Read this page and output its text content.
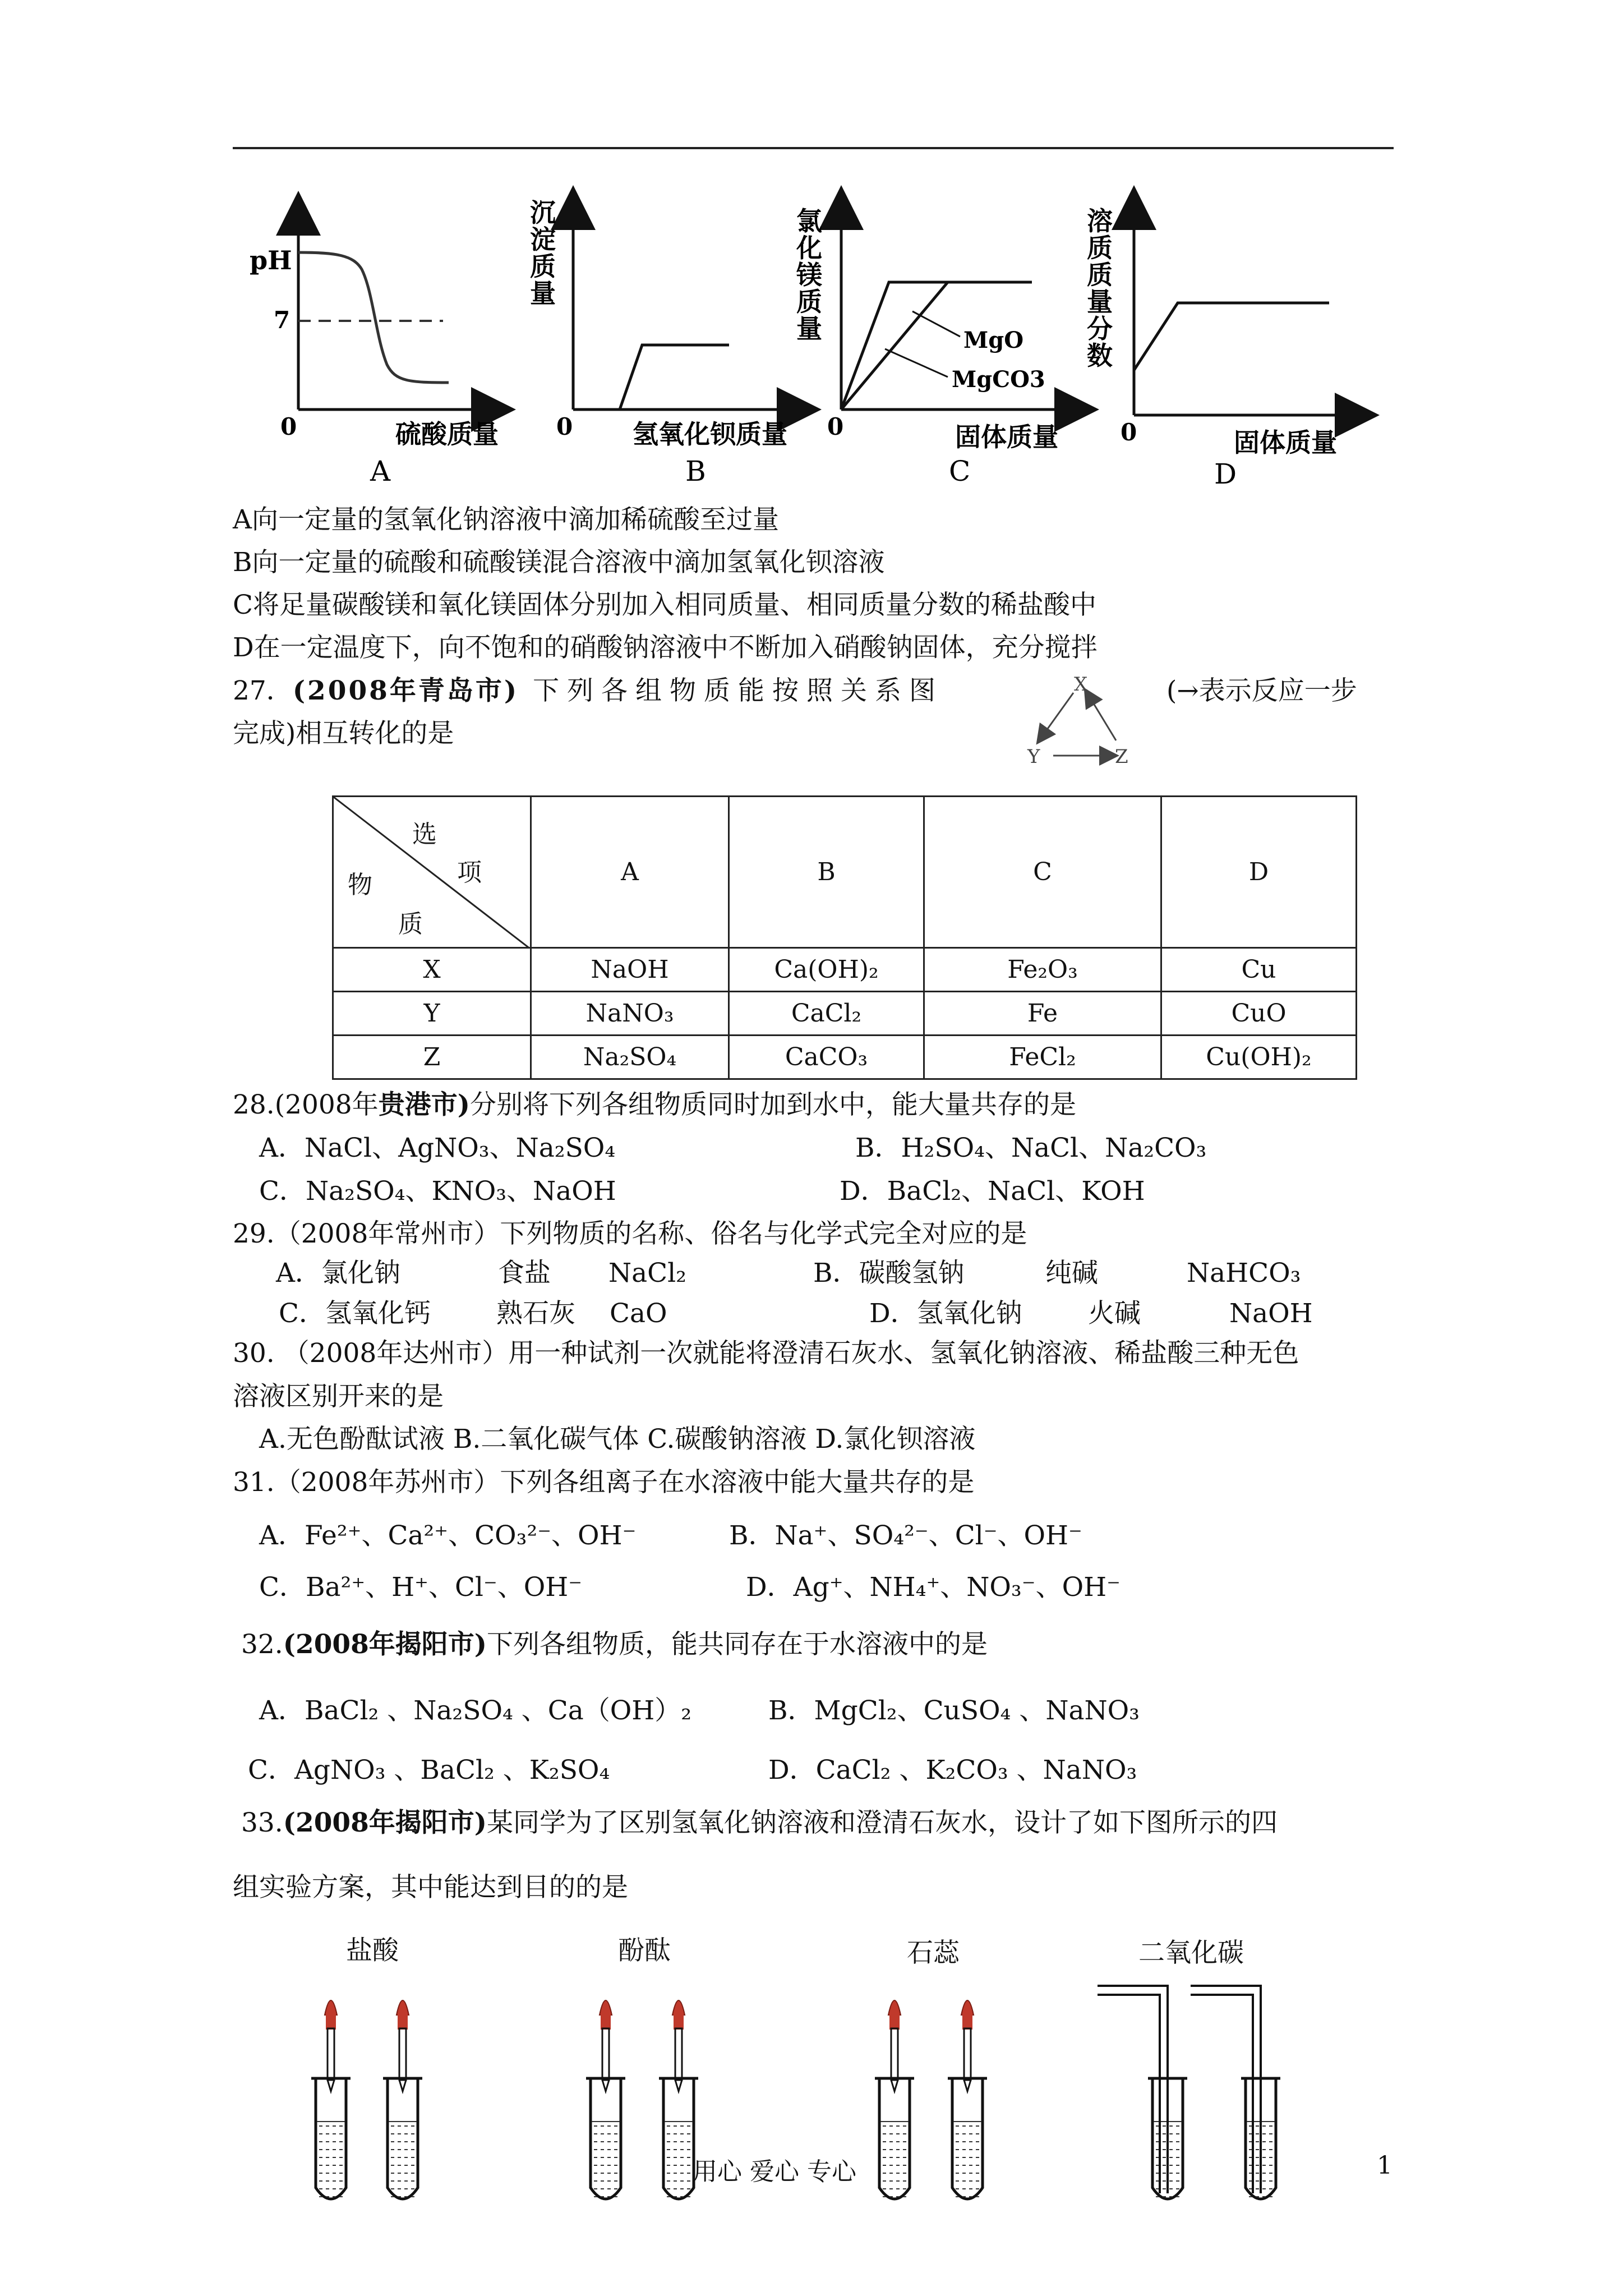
pH
7
0	硫酸质量
A
沉淀质量
0 氢氧化钡质量
B
氯化镁质量	MgO
MgCO3
0	固体质量
C
溶质质量分数
0	固体质量
D
A向一定量的氢氧化钠溶液中滴加稀硫酸至过量
B向一定量的硫酸和硫酸镁混合溶液中滴加氢氧化钡溶液
C将足量碳酸镁和氧化镁固体分别加入相同质量、相同质量分数的稀盐酸中
D在一定温度下，向不饱和的硝酸钠溶液中不断加入硝酸钠固体，充分搅拌
27．(2008年青岛市) 下列各组物质能按照关系图	(→表示反应一步
完成)相互转化的是
X
Y	Z
选
项
物
质	A	B	C	D
X	NaOH	Ca(OH)₂	Fe₂O₃	Cu
Y	NaNO₃	CaCl₂	Fe	CuO
Z	Na₂SO₄	CaCO₃	FeCl₂	Cu(OH)₂
28.(2008年贵港市)分别将下列各组物质同时加到水中，能大量共存的是
A．NaCl、AgNO₃、Na₂SO₄	B．H₂SO₄、NaCl、Na₂CO₃
C．Na₂SO₄、KNO₃、NaOH	D．BaCl₂、NaCl、KOH
29.（2008年常州市）下列物质的名称、俗名与化学式完全对应的是
A．氯化钠	食盐 NaCl₂	B．碳酸氢钠	纯碱	NaHCO₃
C．氢氧化钙 熟石灰 CaO	D．氢氧化钠 火碱	NaOH
30. （2008年达州市）用一种试剂一次就能将澄清石灰水、氢氧化钠溶液、稀盐酸三种无色
溶液区别开来的是
A.无色酚酞试液 B.二氧化碳气体 C.碳酸钠溶液 D.氯化钡溶液
31.（2008年苏州市）下列各组离子在水溶液中能大量共存的是
A．Fe²⁺、Ca²⁺、CO₃²⁻、OH⁻	B．Na⁺、SO₄²⁻、Cl⁻、OH⁻
C．Ba²⁺、H⁺、Cl⁻、OH⁻	D．Ag⁺、NH₄⁺、NO₃⁻、OH⁻
32.(2008年揭阳市)下列各组物质，能共同存在于水溶液中的是
A．BaCl₂ 、Na₂SO₄ 、Ca（OH）₂	B．MgCl₂、CuSO₄ 、NaNO₃
C．AgNO₃ 、BaCl₂ 、K₂SO₄	D．CaCl₂ 、K₂CO₃ 、NaNO₃
33.(2008年揭阳市)某同学为了区别氢氧化钠溶液和澄清石灰水，设计了如下图所示的四
组实验方案，其中能达到目的的是
盐酸	酚酞	石蕊	二氧化碳
用心 爱心 专心	1
